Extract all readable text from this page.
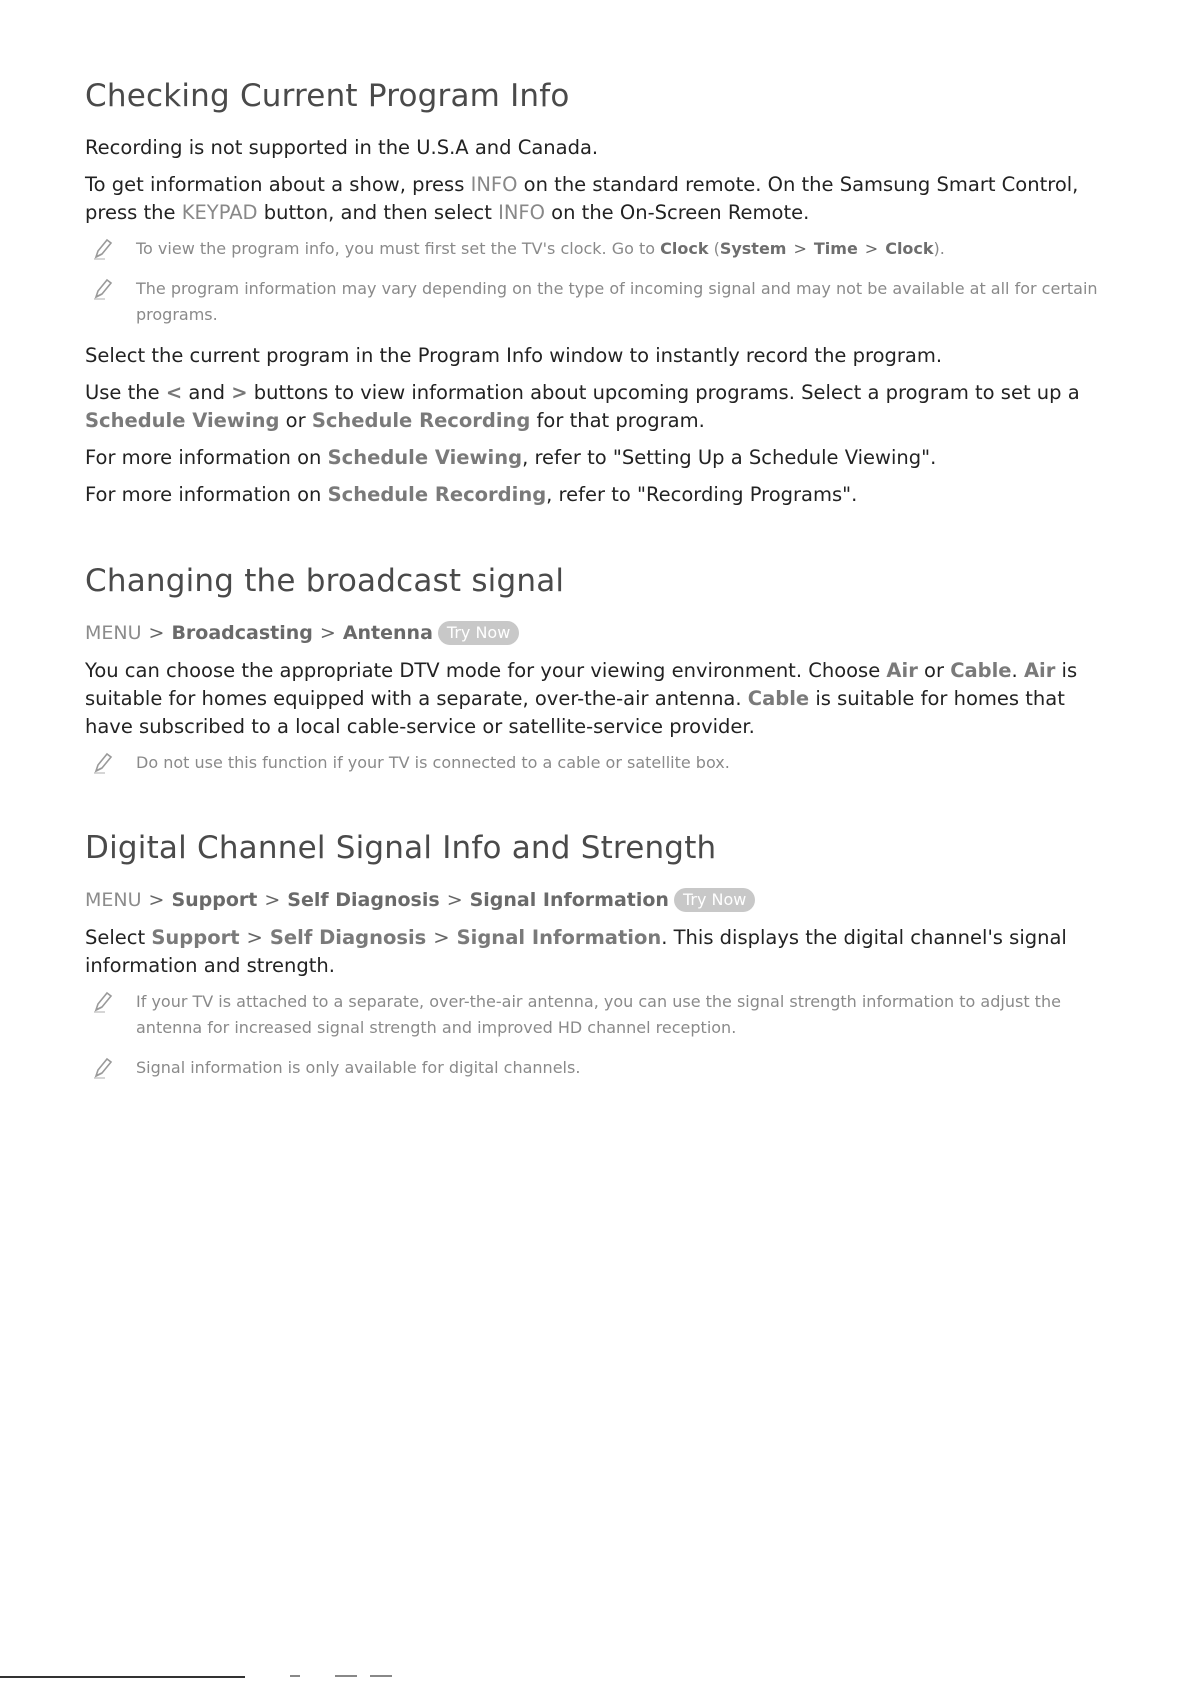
Checking Current Program Info

Recording is not supported in the U.S.A and Canada.

To get information about a show, press INFO on the standard remote. On the Samsung Smart Control, press the KEYPAD button, and then select INFO on the On-Screen Remote.

To view the program info, you must first set the TV's clock. Go to Clock (System > Time > Clock).
The program information may vary depending on the type of incoming signal and may not be available at all for certain programs.

Select the current program in the Program Info window to instantly record the program.

Use the < and > buttons to view information about upcoming programs. Select a program to set up a Schedule Viewing or Schedule Recording for that program.

For more information on Schedule Viewing, refer to "Setting Up a Schedule Viewing".

For more information on Schedule Recording, refer to "Recording Programs".

Changing the broadcast signal
MENU > Broadcasting > Antenna Try Now

You can choose the appropriate DTV mode for your viewing environment. Choose Air or Cable. Air is suitable for homes equipped with a separate, over-the-air antenna. Cable is suitable for homes that have subscribed to a local cable-service or satellite-service provider.

Do not use this function if your TV is connected to a cable or satellite box.
Digital Channel Signal Info and Strength
MENU > Support > Self Diagnosis > Signal Information Try Now

Select Support > Self Diagnosis > Signal Information. This displays the digital channel's signal information and strength.

If your TV is attached to a separate, over-the-air antenna, you can use the signal strength information to adjust the antenna for increased signal strength and improved HD channel reception.
Signal information is only available for digital channels.
